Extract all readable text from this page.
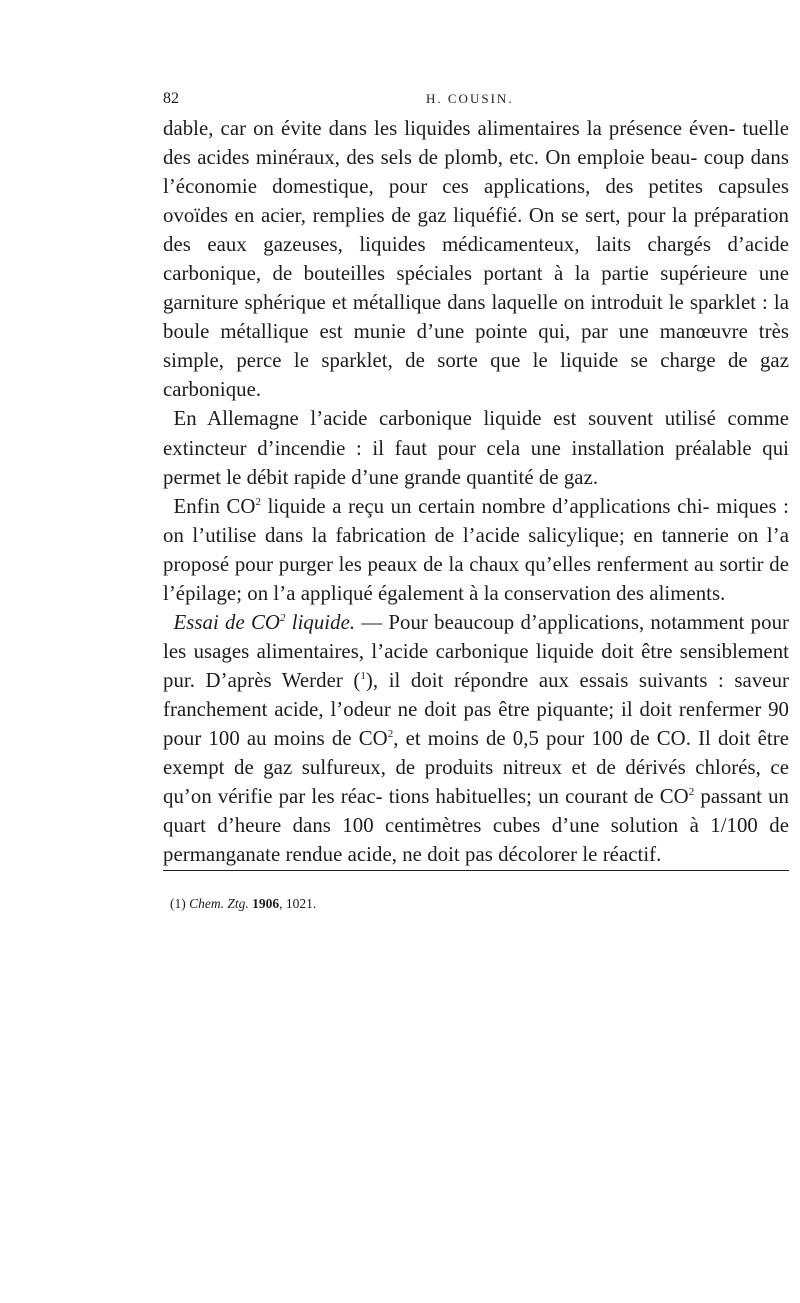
82	H. COUSIN.

dable, car on évite dans les liquides alimentaires la présence éven- tuelle des acides minéraux, des sels de plomb, etc. On emploie beau- coup dans l’économie domestique, pour ces applications, des petites capsules ovoïdes en acier, remplies de gaz liquéfié. On se sert, pour la préparation des eaux gazeuses, liquides médicamenteux, laits chargés d’acide carbonique, de bouteilles spéciales portant à la partie supérieure une garniture sphérique et métallique dans laquelle on introduit le sparklet : la boule métallique est munie d’une pointe qui, par une manœuvre très simple, perce le sparklet, de sorte que le liquide se charge de gaz carbonique.

 En Allemagne l’acide carbonique liquide est souvent utilisé comme extincteur d’incendie : il faut pour cela une installation préalable qui permet le débit rapide d’une grande quantité de gaz.

 Enfin $CO^2$ liquide a reçu un certain nombre d’applications chi- miques : on l’utilise dans la fabrication de l’acide salicylique; en tannerie on l’a proposé pour purger les peaux de la chaux qu’elles renferment au sortir de l’épilage; on l’a appliqué également à la conservation des aliments.

 Essai de $CO^2$ liquide. — Pour beaucoup d’applications, notamment pour les usages alimentaires, l’acide carbonique liquide doit être sensiblement pur. D’après Werder ($^1$), il doit répondre aux essais suivants : saveur franchement acide, l’odeur ne doit pas être piquante; il doit renfermer 90 pour 100 au moins de $CO^2$, et moins de 0,5 pour 100 de CO. Il doit être exempt de gaz sulfureux, de produits nitreux et de dérivés chlorés, ce qu’on vérifie par les réac- tions habituelles; un courant de $CO^2$ passant un quart d’heure dans 100 centimètres cubes d’une solution à 1/100 de permanganate rendue acide, ne doit pas décolorer le réactif.

(1) Chem. Ztg. 1906, 1021.
